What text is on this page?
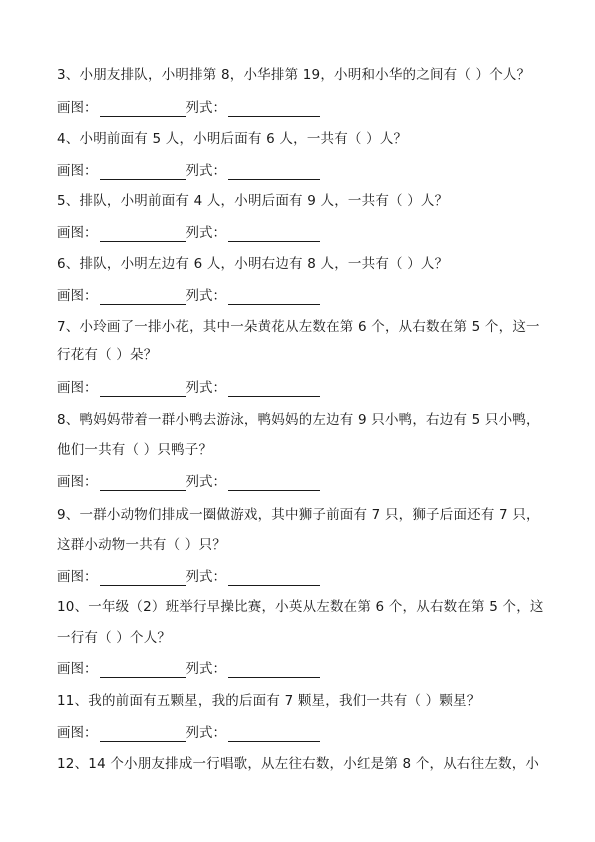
3、小朋友排队，小明排第 8，小华排第 19，小明和小华的之间有（ ）个人？
画图：	列式：
4、小明前面有 5 人，小明后面有 6 人，一共有（ ）人？
画图：	列式：
5、排队，小明前面有 4 人，小明后面有 9 人，一共有（ ）人？
画图：	列式：
6、排队，小明左边有 6 人，小明右边有 8 人，一共有（ ）人？
画图：	列式：
7、小玲画了一排小花，其中一朵黄花从左数在第 6 个，从右数在第 5 个，这一
行花有（ ）朵？
画图：	列式：
8、鸭妈妈带着一群小鸭去游泳，鸭妈妈的左边有 9 只小鸭，右边有 5 只小鸭，
他们一共有（ ）只鸭子？
画图：	列式：
9、一群小动物们排成一圈做游戏，其中狮子前面有 7 只，狮子后面还有 7 只，
这群小动物一共有（ ）只？
画图：	列式：
10、一年级（2）班举行早操比赛，小英从左数在第 6 个，从右数在第 5 个，这
一行有（ ）个人？
画图：	列式：
11、我的前面有五颗星，我的后面有 7 颗星，我们一共有（ ）颗星？
画图：	列式：
12、14 个小朋友排成一行唱歌，从左往右数，小红是第 8 个，从右往左数，小
